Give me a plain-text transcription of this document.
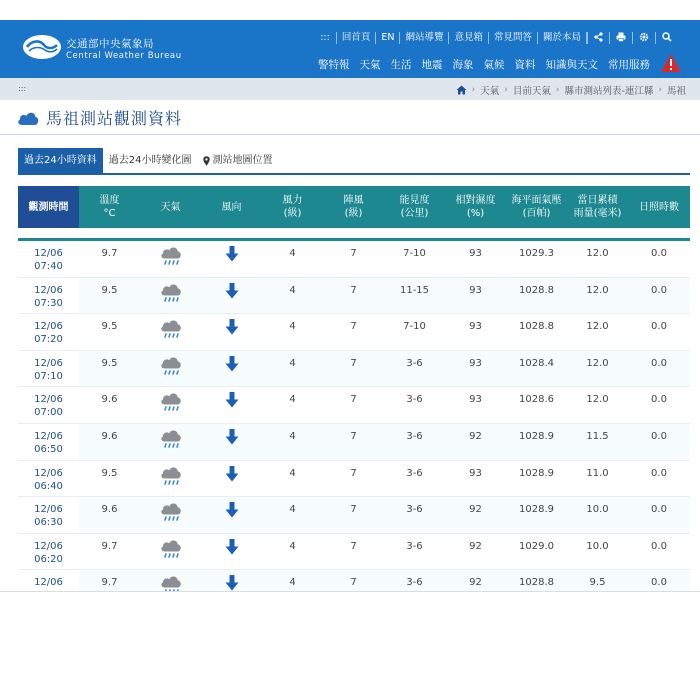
交通部中央氣象局
Central Weather Bureau
:::	回首頁	EN	網站導覽	意見箱	常見問答	關於本局
警特報 天氣 生活 地震 海象 氣候 資料 知識與天文 常用服務
:::	› 天氣 › 目前天氣 › 縣市測站列表-連江縣 › 馬祖
馬祖測站觀測資料
過去24小時資料	過去24小時變化圖	測站地圖位置
觀測時間
溫度
°C
天氣	風向
風力
(級)
陣風
(級)
能見度
(公里)
相對濕度
(%)
海平面氣壓
(百帕)
當日累積
雨量(毫米)
日照時數
12/06
07:40
9.7	4	7	7-10	93	1029.3	12.0	0.0
12/06
07:30
9.5	4	7	11-15	93	1028.8	12.0	0.0
12/06
07:20
9.5	4	7	7-10	93	1028.8	12.0	0.0
12/06
07:10
9.5	4	7	3-6	93	1028.4	12.0	0.0
12/06
07:00
9.6	4	7	3-6	93	1028.6	12.0	0.0
12/06
06:50
9.6	4	7	3-6	92	1028.9	11.5	0.0
12/06
06:40
9.5	4	7	3-6	93	1028.9	11.0	0.0
12/06
06:30
9.6	4	7	3-6	92	1028.9	10.0	0.0
12/06
06:20
9.7	4	7	3-6	92	1029.0	10.0	0.0
12/06	9.7	4	7	3-6	92	1028.8	9.5	0.0
